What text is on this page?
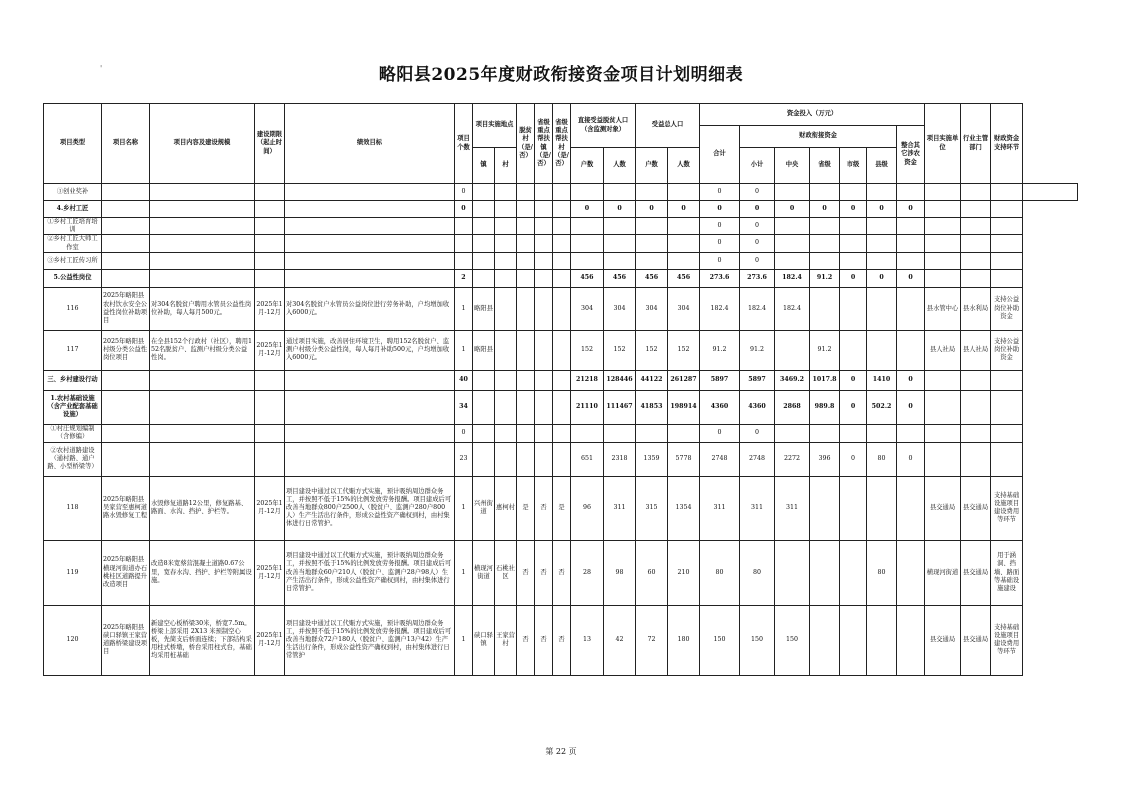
'	略阳县2025年度财政衔接资金项目计划明细表
项目类型	项目名称	项目内容及建设规模	建设期限（起止时间）	绩效目标	项目个数	项目实施地点		脱贫村（是/否）	省级重点帮扶镇（是/否）	省级重点帮扶村（是/否）	直接受益脱贫人口（含监测对象）		受益总人口		资金投入（万元）							项目实施单位	行业主管部门	财政资金支持环节	
															合计	财政衔接资金					整合其它涉农资金				
						镇	村				户数	人数	户数	人数		小计	中央	省级	市级	县级					
③创业奖补					0										0	0									
4.乡村工匠					0						0	0	0	0	0	0	0	0	0	0	0				
①乡村工匠培育培训															0	0									
②乡村工匠大师工作室															0	0									
③乡村工匠传习所															0	0									
5.公益性岗位					2						456	456	456	456	273.6	273.6	182.4	91.2	0	0	0				
116	2025年略阳县农村饮水安全公益性岗位补助项目	对304名脱贫户聘用水管员公益性岗位补助，每人每月500元。	2025年1月-12月	对304名脱贫户水管员公益岗位进行劳务补助，户均增加收入6000元。	1	略阳县					304	304	304	304	182.4	182.4	182.4					县水管中心	县水利局	支持公益岗位补助资金	
117	2025年略阳县村级分类公益性岗位项目	在全县152个行政村（社区），聘用152名脱贫户、监测户村级分类公益性岗。	2025年1月-12月	通过项目实施，改善居住环境卫生，聘用152名脱贫户、监测户村级分类公益性岗，每人每月补助500元，户均增加收入6000元。	1	略阳县					152	152	152	152	91.2	91.2		91.2				县人社局	县人社局	支持公益岗位补助资金	
三、乡村建设行动					40						21218	128446	44122	261287	5897	5897	3469.2	1017.8	0	1410	0				
1.农村基础设施（含产业配套基础设施）					34						21110	111467	41853	198914	4360	4360	2868	989.8	0	502.2	0				
①村庄规划编制（含修编）					0										0	0									
②农村道路建设（通村路、通户路、小型桥梁等）					23						651	2318	1359	5778	2748	2748	2272	396	0	80	0				
118	2025年略阳县吴家营至惠柯道路水毁修复工程	水毁修复道路12公里，修复路基、路面、水沟、挡护、护栏等。	2025年1月-12月	项目建设中通过以工代赈方式实施，预计吸纳周边群众务工，并按照不低于15%的比例发放劳务报酬。项目建成后可改善当地群众800户2500人（脱贫户、监测户280户800人）生产生活出行条件，形成公益性资产确权到村，由村集体进行日常管护。	1	兴州街道	惠柯村	是	否	是	96	311	315	1354	311	311	311					县交通局	县交通局	支持基础设施项目建设费用等环节	
119	2025年略阳县横现河街道办石桃桂区道路提升改造项目	改造8米宽蔡营混凝土道路0.67公里，宽春水沟、挡护、护栏等附属设施。	2025年1月-12月	项目建设中通过以工代赈方式实施，预计吸纳周边群众务工，并按照不低于15%的比例发放劳务报酬。项目建成后可改善当地群众60户210人（脱贫户、监测户28户98人）生产生活出行条件，形成公益性资产确权到村，由村集体进行日常管护。	1	横现河街道	石桃社区	否	否	否	28	98	60	210	80	80				80		横现河街道	县交通局	用于涵洞、挡墙、路面等基础设施建设	
120	2025年略阳县硖口驿镇王家营道路桥梁建设项目	新建空心板桥梁30米，桥宽7.5m。桥梁上部采用 2X13 米预制空心板，先简支后桥面连续；下部结构采用柱式桥墩，桥台采用柱式台，基础均采用桩基础	2025年1月-12月	项目建设中通过以工代赈方式实施，预计吸纳周边群众务工，并按照不低于15%的比例发放劳务报酬。项目建成后可改善当地群众72户180人（脱贫户、监测户13户42）生产生活出行条件，形成公益性资产确权到村，由村集体进行日常管护	1	硖口驿镇	王家营村	否	否	否	13	42	72	180	150	150	150					县交通局	县交通局	支持基础设施项目建设费用等环节	
第 22 页
